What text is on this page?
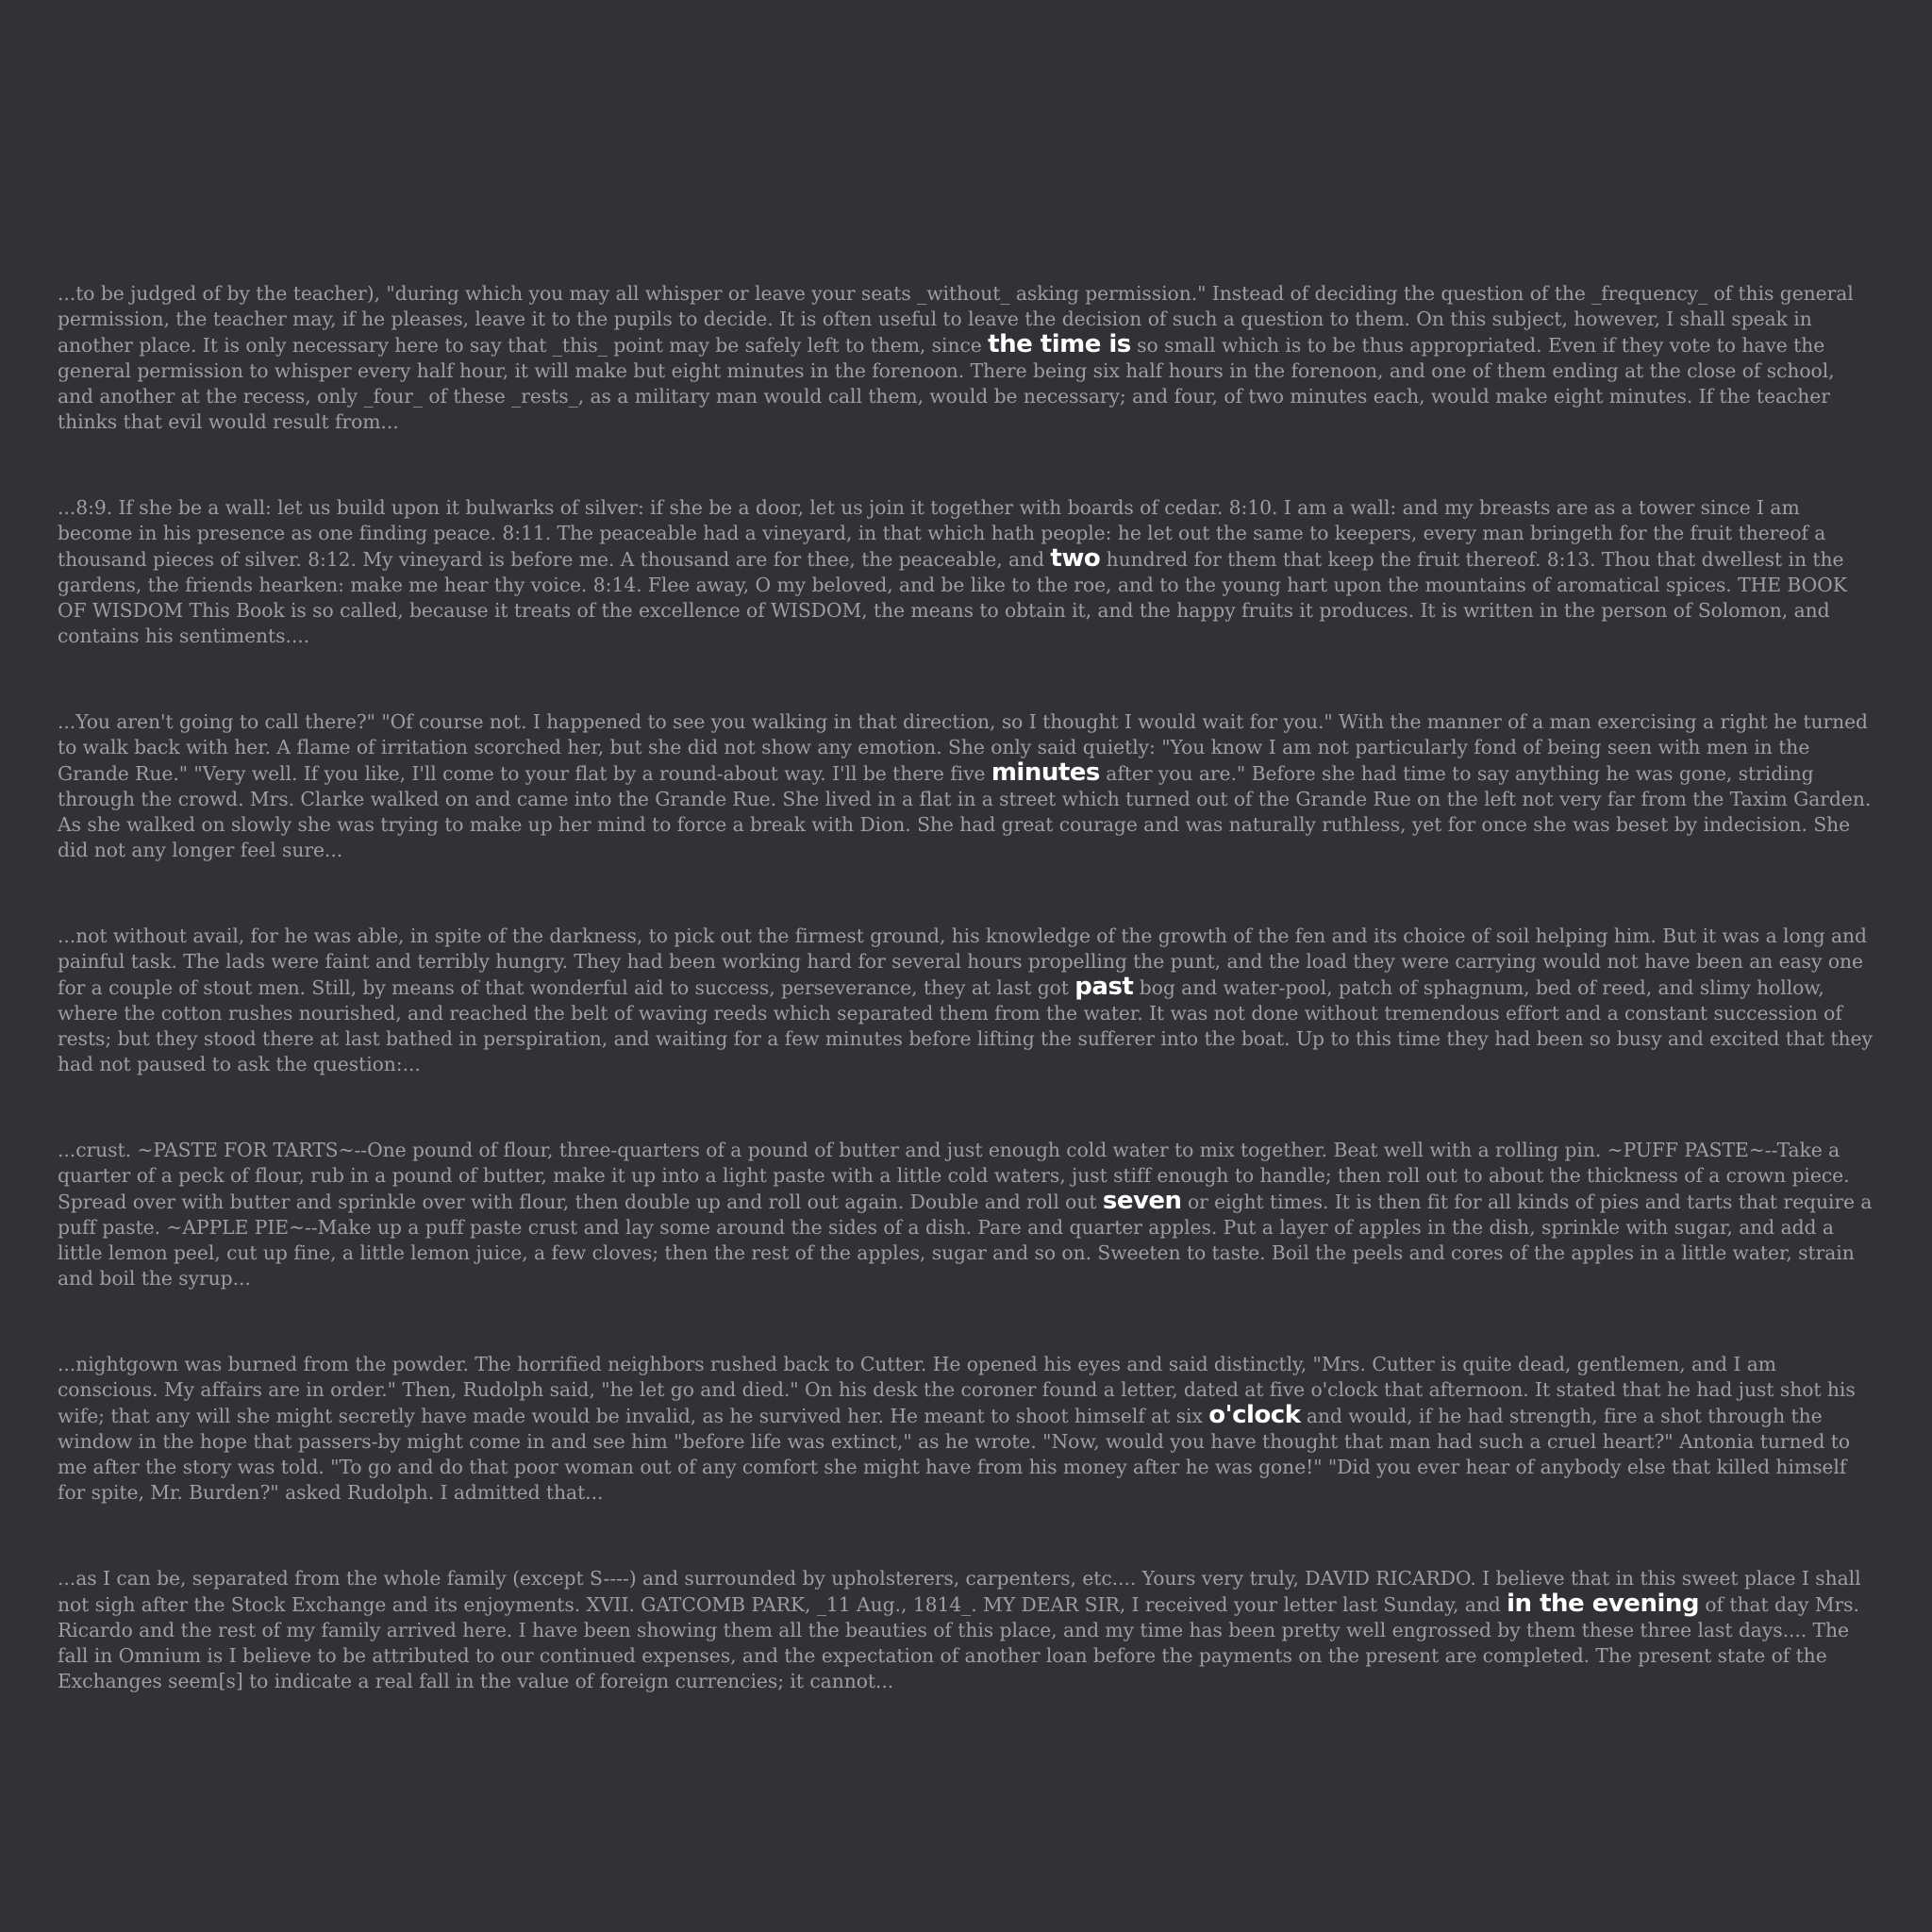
...to be judged of by the teacher), "during which you may all whisper or leave your seats _without_ asking permission." Instead of deciding the question of the _frequency_ of this general permission, the teacher may, if he pleases, leave it to the pupils to decide. It is often useful to leave the decision of such a question to them. On this subject, however, I shall speak in another place. It is only necessary here to say that _this_ point may be safely left to them, since the time is so small which is to be thus appropriated. Even if they vote to have the general permission to whisper every half hour, it will make but eight minutes in the forenoon. There being six half hours in the forenoon, and one of them ending at the close of school, and another at the recess, only _four_ of these _rests_, as a military man would call them, would be necessary; and four, of two minutes each, would make eight minutes. If the teacher thinks that evil would result from...

...8:9. If she be a wall: let us build upon it bulwarks of silver: if she be a door, let us join it together with boards of cedar. 8:10. I am a wall: and my breasts are as a tower since I am become in his presence as one finding peace. 8:11. The peaceable had a vineyard, in that which hath people: he let out the same to keepers, every man bringeth for the fruit thereof a thousand pieces of silver. 8:12. My vineyard is before me. A thousand are for thee, the peaceable, and two hundred for them that keep the fruit thereof. 8:13. Thou that dwellest in the gardens, the friends hearken: make me hear thy voice. 8:14. Flee away, O my beloved, and be like to the roe, and to the young hart upon the mountains of aromatical spices. THE BOOK OF WISDOM This Book is so called, because it treats of the excellence of WISDOM, the means to obtain it, and the happy fruits it produces. It is written in the person of Solomon, and contains his sentiments....

...You aren't going to call there?" "Of course not. I happened to see you walking in that direction, so I thought I would wait for you." With the manner of a man exercising a right he turned to walk back with her. A flame of irritation scorched her, but she did not show any emotion. She only said quietly: "You know I am not particularly fond of being seen with men in the Grande Rue." "Very well. If you like, I'll come to your flat by a round-about way. I'll be there five minutes after you are." Before she had time to say anything he was gone, striding through the crowd. Mrs. Clarke walked on and came into the Grande Rue. She lived in a flat in a street which turned out of the Grande Rue on the left not very far from the Taxim Garden. As she walked on slowly she was trying to make up her mind to force a break with Dion. She had great courage and was naturally ruthless, yet for once she was beset by indecision. She did not any longer feel sure...

...not without avail, for he was able, in spite of the darkness, to pick out the firmest ground, his knowledge of the growth of the fen and its choice of soil helping him. But it was a long and painful task. The lads were faint and terribly hungry. They had been working hard for several hours propelling the punt, and the load they were carrying would not have been an easy one for a couple of stout men. Still, by means of that wonderful aid to success, perseverance, they at last got past bog and water-pool, patch of sphagnum, bed of reed, and slimy hollow, where the cotton rushes nourished, and reached the belt of waving reeds which separated them from the water. It was not done without tremendous effort and a constant succession of rests; but they stood there at last bathed in perspiration, and waiting for a few minutes before lifting the sufferer into the boat. Up to this time they had been so busy and excited that they had not paused to ask the question:...

...crust. ~PASTE FOR TARTS~--One pound of flour, three-quarters of a pound of butter and just enough cold water to mix together. Beat well with a rolling pin. ~PUFF PASTE~--Take a quarter of a peck of flour, rub in a pound of butter, make it up into a light paste with a little cold waters, just stiff enough to handle; then roll out to about the thickness of a crown piece. Spread over with butter and sprinkle over with flour, then double up and roll out again. Double and roll out seven or eight times. It is then fit for all kinds of pies and tarts that require a puff paste. ~APPLE PIE~--Make up a puff paste crust and lay some around the sides of a dish. Pare and quarter apples. Put a layer of apples in the dish, sprinkle with sugar, and add a little lemon peel, cut up fine, a little lemon juice, a few cloves; then the rest of the apples, sugar and so on. Sweeten to taste. Boil the peels and cores of the apples in a little water, strain and boil the syrup...

...nightgown was burned from the powder. The horrified neighbors rushed back to Cutter. He opened his eyes and said distinctly, "Mrs. Cutter is quite dead, gentlemen, and I am conscious. My affairs are in order." Then, Rudolph said, "he let go and died." On his desk the coroner found a letter, dated at five o'clock that afternoon. It stated that he had just shot his wife; that any will she might secretly have made would be invalid, as he survived her. He meant to shoot himself at six o'clock and would, if he had strength, fire a shot through the window in the hope that passers-by might come in and see him "before life was extinct," as he wrote. "Now, would you have thought that man had such a cruel heart?" Antonia turned to me after the story was told. "To go and do that poor woman out of any comfort she might have from his money after he was gone!" "Did you ever hear of anybody else that killed himself for spite, Mr. Burden?" asked Rudolph. I admitted that...

...as I can be, separated from the whole family (except S----) and surrounded by upholsterers, carpenters, etc.... Yours very truly, DAVID RICARDO. I believe that in this sweet place I shall not sigh after the Stock Exchange and its enjoyments. XVII. GATCOMB PARK, _11 Aug., 1814_. MY DEAR SIR, I received your letter last Sunday, and in the evening of that day Mrs. Ricardo and the rest of my family arrived here. I have been showing them all the beauties of this place, and my time has been pretty well engrossed by them these three last days.... The fall in Omnium is I believe to be attributed to our continued expenses, and the expectation of another loan before the payments on the present are completed. The present state of the Exchanges seem[s] to indicate a real fall in the value of foreign currencies; it cannot...
